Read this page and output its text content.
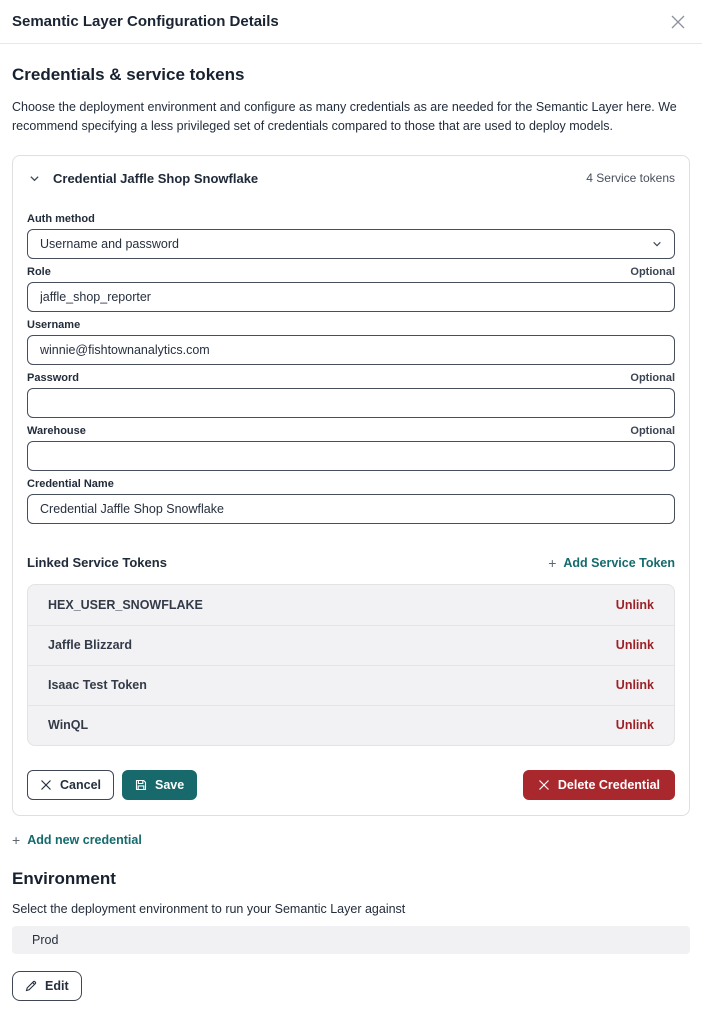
Semantic Layer Configuration Details
Credentials & service tokens

Choose the deployment environment and configure as many credentials as are needed for the Semantic Layer here. We recommend specifying a less privileged set of credentials compared to those that are used to deploy models.

Credential Jaffle Shop Snowflake	4 Service tokens
Auth method
Username and password
Role	Optional
jaffle_shop_reporter
Username
winnie@fishtownanalytics.com
Password	Optional
Warehouse	Optional
Credential Name
Credential Jaffle Shop Snowflake
Linked Service Tokens	+ Add Service Token
HEX_USER_SNOWFLAKE	Unlink
Jaffle Blizzard	Unlink
Isaac Test Token	Unlink
WinQL	Unlink
Cancel	Save	Delete Credential
+ Add new credential
Environment

Select the deployment environment to run your Semantic Layer against

Prod
Edit
